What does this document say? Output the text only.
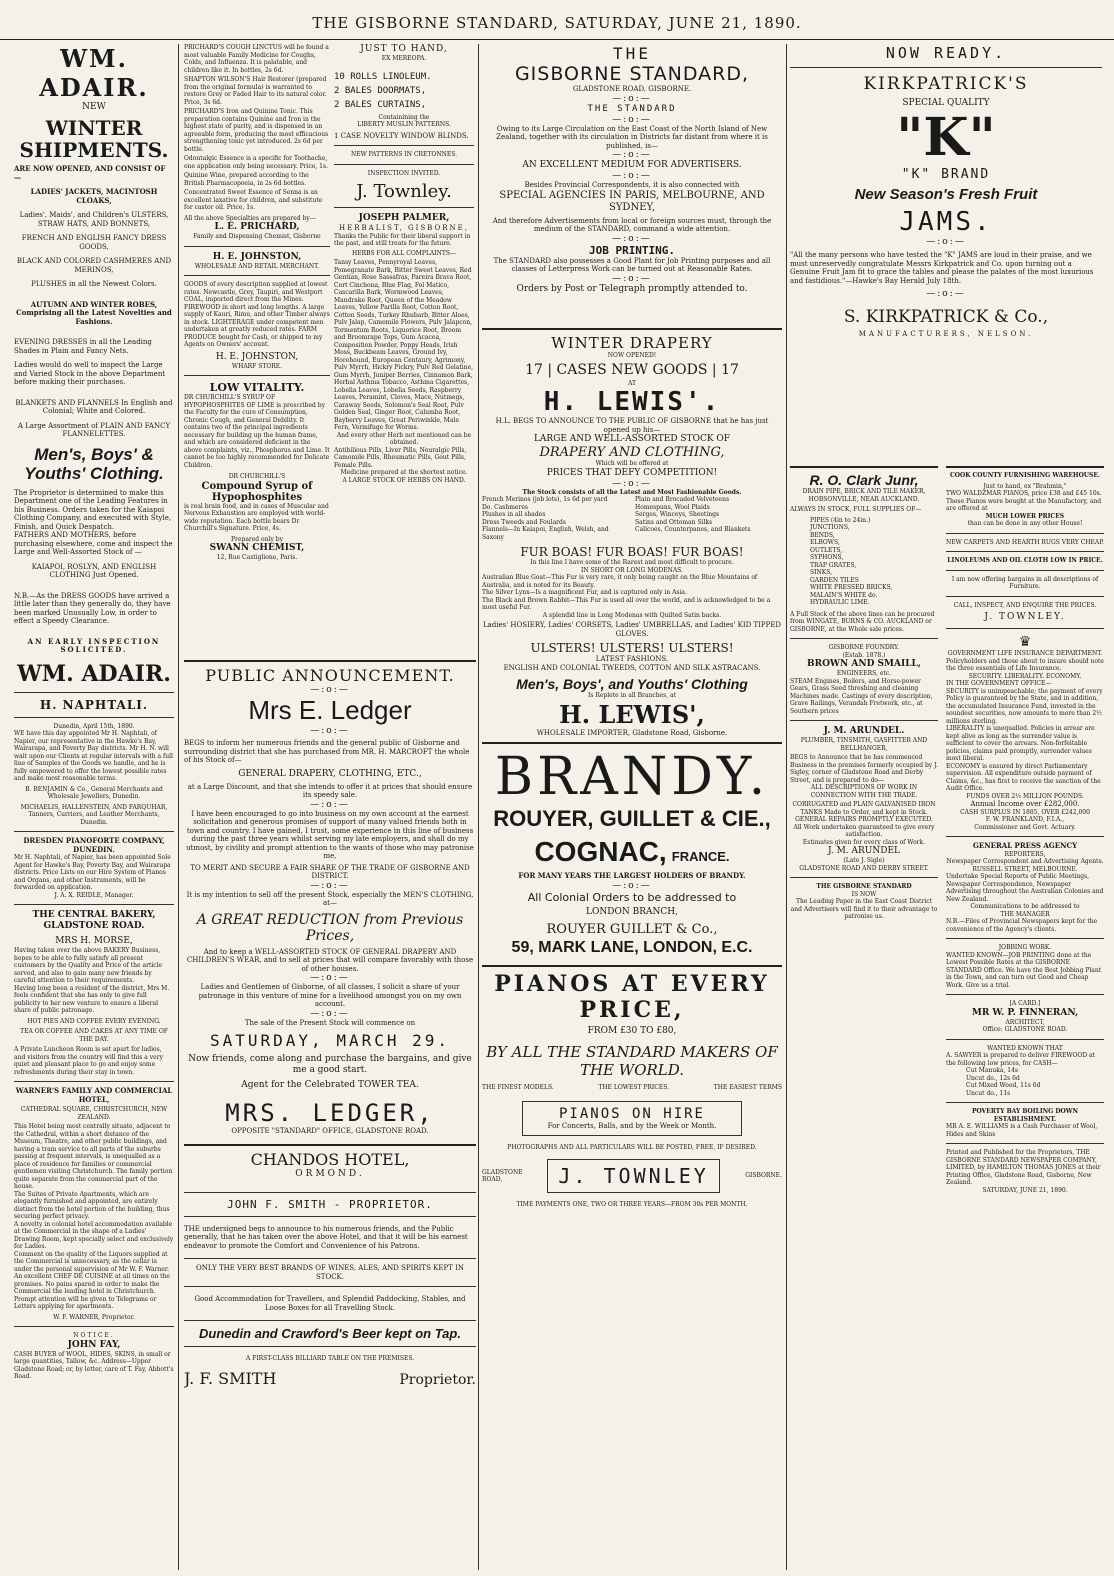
THE GISBORNE STANDARD, SATURDAY, JUNE 21, 1890.
WM. ADAIR.
NEW
WINTER SHIPMENTS.
ARE NOW OPENED, AND CONSIST OF —
LADIES' JACKETS, MACINTOSH CLOAKS,
Ladies', Maids', and Children's ULSTERS, STRAW HATS, AND BONNETS,
FRENCH AND ENGLISH FANCY DRESS GOODS,
BLACK AND COLORED CASHMERES AND MERINOS,
PLUSHES in all the Newest Colors.
AUTUMN AND WINTER ROBES, Comprising all the Latest Novelties and Fashions.
EVENING DRESSES in all the Leading Shades in Plain and Fancy Nets.
Ladies would do well to inspect the Large and Varied Stock in the above Department before making their purchases.
BLANKETS AND FLANNELS In English and Colonial; White and Colored.
A Large Assortment of PLAIN AND FANCY FLANNELETTES.
Men's, Boys' & Youths' Clothing.
The Proprietor is determined to make this Department one of the Leading Features in his Business. Orders taken for the Kaiapoi Clothing Company, and executed with Style, Finish, and Quick Despatch.
FATHERS AND MOTHERS, before purchasing elsewhere, come and inspect the Large and Well-Assorted Stock of —
KAIAPOI, ROSLYN, AND ENGLISH CLOTHING Just Opened.
N.B.—As the DRESS GOODS have arrived a little later than they generally do, they have been marked Unusually Low, in order to effect a Speedy Clearance.
AN EARLY INSPECTION SOLICITED.
WM. ADAIR.
H. NAPHTALI.
Dunedin, April 15th, 1890.
WE have this day appointed Mr H. Naphtali, of Napier, our representative in the Hawke's Bay, Wairarapa, and Poverty Bay districts. Mr H. N. will wait upon our Clients at regular intervals with a full line of Samples of the Goods we handle, and he is fully empowered to offer the lowest possible rates and make most reasonable terms.
B. BENJAMIN & Co., General Merchants and Wholesale Jewellers, Dunedin.
MICHAELIS, HALLENSTEIN, AND FARQUHAR, Tanners, Curriers, and Leather Merchants, Dunedin.
DRESDEN PIANOFORTE COMPANY, DUNEDIN.
Mr H. Naphtali, of Napier, has been appointed Sole Agent for Hawke's Bay, Poverty Bay, and Wairarapa districts. Price Lists on our Hire System of Pianos and Organs, and other Instruments, will be forwarded on application.
J. A. X. REIDLE, Manager.
THE CENTRAL BAKERY, GLADSTONE ROAD.
MRS H. MORSE,
Having taken over the above BAKERY Business, hopes to be able to fully satisfy all present customers by the Quality and Price of the article served, and also to gain many new friends by careful attention to their requirements.
Having long been a resident of the district, Mrs M. feels confident that she has only to give full publicity to her new venture to ensure a liberal share of public patronage.
HOT PIES AND COFFEE EVERY EVENING.
TEA OR COFFEE AND CAKES AT ANY TIME OF THE DAY.
A Private Luncheon Room is set apart for ladies, and visitors from the country will find this a very quiet and pleasant place to go and enjoy some refreshments during their stay in town.
WARNER'S FAMILY AND COMMERCIAL HOTEL,
CATHEDRAL SQUARE, CHRISTCHURCH, NEW ZEALAND.
This Hotel being most centrally situate, adjacent to the Cathedral, within a short distance of the Museum, Theatre, and other public buildings, and having a tram service to all parts of the suburbs passing at frequent intervals, is unequalled as a place of residence for families or commercial gentlemen visiting Christchurch. The family portion quite separate from the commercial part of the house.
The Suites of Private Apartments, which are elegantly furnished and appointed, are entirely distinct from the hotel portion of the building, thus securing perfect privacy.
A novelty in colonial hotel accommodation available at the Commercial in the shape of a Ladies' Drawing Room, kept specially select and exclusively for Ladies.
Comment on the quality of the Liquors supplied at the Commercial is unnecessary, as the cellar is under the personal supervision of Mr W. F. Warner.
An excellent CHEF DE CUISINE at all times on the premises. No pains spared in order to make the Commercial the leading hotel in Christchurch.
Prompt attention will be given to Telegrams or Letters applying for apartments.
W. F. WARNER, Proprietor.
NOTICE.
JOHN FAY,
CASH BUYER of WOOL, HIDES, SKINS, in small or large quantities, Tallow, &c. Address—Upper Gladstone Road; or, by letter, care of T. Fay, Abbott's Road.
PRICHARD'S COUGH LINCTUS will be found a most valuable Family Medicine for Coughs, Colds, and Influenza. It is palatable, and children like it. In bottles, 2s 6d.
SHAPTON WILSON'S Hair Restorer (prepared from the original formula) is warranted to restore Grey or Faded Hair to its natural color. Price, 3s 6d.
PRICHARD'S Iron and Quinine Tonic. This preparation contains Quinine and Iron in the highest state of purity, and is dispensed in an agreeable form, producing the most efficacious strengthening tonic yet introduced. 2s 6d per bottle.
Odontalgic Essence is a specific for Toothache, one application only being necessary. Price, 1s.
Quinine Wine, prepared according to the British Pharmacopoeia, in 2s 6d bottles.
Concentrated Sweet Essence of Senna is an excellent laxative for children, and substitute for castor oil. Price, 1s.
All the above Specialties are prepared by—
L. E. PRICHARD,
Family and Dispensing Chemist, Gisborne
H. E. JOHNSTON,
WHOLESALE AND RETAIL MERCHANT.
GOODS of every description supplied at lowest rates. Newcastle, Grey, Taupiri, and Westport COAL, imported direct from the Mines. FIREWOOD in short and long lengths. A large supply of Kauri, Rimu, and other Timber always in stock. LIGHTERAGE under competent men undertaken at greatly reduced rates. FARM PRODUCE bought for Cash, or shipped to my Agents on Owners' account.
H. E. JOHNSTON,
WHARF STORE.
LOW VITALITY.
DR CHURCHILL'S SYRUP OF HYPOPHOSPHITES OF LIME is prescribed by the Faculty for the cure of Consumption, Chronic Cough, and General Debility. It contains two of the principal ingredients necessary for building up the human frame, and which are considered deficient in the above complaints, viz., Phosphorus and Lime. It cannot be too highly recommended for Delicate Children.
DR CHURCHILL'S
Compound Syrup of Hypophosphites
is real brain food, and in cases of Muscular and Nervous Exhaustion are employed with world-wide reputation. Each bottle bears Dr Churchill's Signature. Price, 4s.
Prepared only by
SWANN CHEMIST,
12, Rue Castiglione, Paris.
JUST TO HAND,
EX MEREOPA.
10 ROLLS LINOLEUM.
2 BALES DOORMATS,
2 BALES CURTAINS,
Containining the
LIBERTY MUSLIN PATTERNS.
1 CASE NOVELTY WINDOW BLINDS.
NEW PATTERNS IN CRETONNES.
INSPECTION INVITED.
J. Townley.
JOSEPH PALMER,
HERBALIST, GISBORNE,
Thanks the Public for their liberal support in the past, and still treats for the future.
HERBS FOR ALL COMPLAINTS—
Tansy Leaves, Pennyroyal Leaves, Pomegranate Bark, Bitter Sweet Leaves, Red Gentian, Rose Sassafras, Pareira Brava Root, Cort Cinchona, Blue Flag, Fol Matico, Cascarilla Bark, Wormwood Leaves, Mandrake Root, Queen of the Meadow Leaves, Yellow Parilla Root, Cotton Root, Cotton Seeds, Turkey Rhubarb, Bitter Aloes, Pulv Jalap, Camomile Flowers, Pulv Jalapcon, Tormentum Roots, Liquorice Root, Broom and Broomrape Tops, Gum Acacea, Composition Powder, Poppy Heads, Irish Moss, Buckbeam Leaves, Ground Ivy, Horehound, European Centaury, Agrimony, Pulv Myrrh, Hickry Pickry, Pulv Red Gelatine, Gum Myrrh, Juniper Berries, Cinnamon Bark, Herbal Asthma Tobacco, Asthma Cigarettes, Lobelia Leaves, Lobelia Seeds, Raspberry Leaves, Peramint, Cloves, Mace, Nutmegs, Caraway Seeds, Solomon's Seal Root, Pulv Golden Seal, Ginger Root, Calumba Root, Bayberry Leaves, Great Periwinkle, Male Fern, Vermifuge for Worms.
And every other Herb not mentioned can be obtained.
Antibilious Pills, Liver Pills, Neuralgic Pills, Camomile Pills, Rheumatic Pills, Gout Pills, Female Pills.
Medicine prepared at the shortest notice.
A LARGE STOCK OF HERBS ON HAND.
PUBLIC ANNOUNCEMENT.
—:o:—
Mrs E. Ledger
—:o:—
BEGS to inform her numerous friends and the general public of Gisborne and surrounding district that she has purchased from MR. H. MARCROFT the whole of his Stock of—
GENERAL DRAPERY, CLOTHING, ETC.,
at a Large Discount, and that she intends to offer it at prices that should ensure its speedy sale.
—:o:—
I have been encouraged to go into business on my own account at the earnest solicitation and generous promises of support of many valued friends both in town and country. I have gained, I trust, some experience in this line of business during the past three years whilst serving my late employers, and shall do my utmost, by civility and prompt attention to the wants of those who may patronise me,
TO MERIT AND SECURE A FAIR SHARE OF THE TRADE OF GISBORNE AND DISTRICT.
—:o:—
It is my intention to sell off the present Stock, especially the MEN'S CLOTHING, at—
A GREAT REDUCTION from Previous Prices,
And to keep a WELL-ASSORTED STOCK OF GENERAL DRAPERY AND CHILDREN'S WEAR, and to sell at prices that will compare favorably with those of other houses.
—:o:—
Ladies and Gentlemen of Gisborne, of all classes, I solicit a share of your patronage in this venture of mine for a livelihood amongst you on my own account.
—:o:—
The sale of the Present Stock will commence on
SATURDAY, MARCH 29.
Now friends, come along and purchase the bargains, and give me a good start.
Agent for the Celebrated TOWER TEA.
MRS. LEDGER,
OPPOSITE "STANDARD" OFFICE, GLADSTONE ROAD.
CHANDOS HOTEL,
ORMOND.
JOHN F. SMITH - PROPRIETOR.
THE undersigned begs to announce to his numerous friends, and the Public generally, that he has taken over the above Hotel, and that it will be his earnest endeavor to promote the Comfort and Convenience of his Patrons.
ONLY THE VERY BEST BRANDS OF WINES, ALES, AND SPIRITS KEPT IN STOCK.
Good Accommodation for Travellers, and Splendid Paddocking, Stables, and Loose Boxes for all Travelling Stock.
Dunedin and Crawford's Beer kept on Tap.
A FIRST-CLASS BILLIARD TABLE ON THE PREMISES.
J. F. SMITH	Proprietor.
THE
GISBORNE STANDARD,
GLADSTONE ROAD, GISBORNE.
—:o:—
THE STANDARD
—:o:—
Owing to its Large Circulation on the East Coast of the North Island of New Zealand, together with its circulation in Districts far distant from where it is published, is—
—:o:—
AN EXCELLENT MEDIUM FOR ADVERTISERS.
—:o:—
Besides Provincial Correspondents, it is also connected with
SPECIAL AGENCIES IN PARIS, MELBOURNE, AND SYDNEY,
And therefore Advertisements from local or foreign sources must, through the medium of the STANDARD, command a wide attention.
—:o:—
JOB PRINTING.
The STANDARD also possesses a Good Plant for Job Printing purposes and all classes of Letterpress Work can be turned out at Reasonable Rates.
—:o:—
Orders by Post or Telegraph promptly attended to.
WINTER DRAPERY
NOW OPENED!
17 | CASES NEW GOODS | 17
AT
H. LEWIS'.
H.L. BEGS TO ANNOUNCE TO THE PUBLIC OF GISBORNE that he has just opened up his—
LARGE AND WELL-ASSORTED STOCK OF
DRAPERY AND CLOTHING,
Which will be offered at
PRICES THAT DEFY COMPETITION!
—:o:—
The Stock consists of all the Latest and Most Fashionable Goods.
French Merinos (job lots), 1s 6d per yard
Do. Cashmeres
Plushes in all shades
Dress Tweeds and Foulards
Flannels—In Kaiapoi, English, Welsh, and Saxony
Plain and Brocaded Velveteens
Homespuns, Wool Plaids
Serges, Winceys, Sheetings
Satins and Ottoman Silks
Calicoes, Counterpanes, and Blankets
FUR BOAS! FUR BOAS! FUR BOAS!
In this line I have some of the Rarest and most difficult to procure.
IN SHORT OR LONG MODENAS.
Australian Blue Goat—This Fur is very rare, it only being caught on the Blue Mountains of Australia, and is noted for its Beauty.
The Silver Lynx—Is a magnificent Fur, and is captured only in Asia.
The Black and Brown Rabbit—This Fur is used all over the world, and is acknowledged to be a most useful Fur.
A splendid line in Long Modenas with Quilted Satin backs.
Ladies' HOSIERY, Ladies' CORSETS, Ladies' UMBRELLAS, and Ladies' KID TIPPED GLOVES.
ULSTERS! ULSTERS! ULSTERS!
LATEST FASHIONS.
ENGLISH AND COLONIAL TWEEDS, COTTON AND SILK ASTRACANS.
Men's, Boys', and Youths' Clothing
Is Replete in all Branches, at
H. LEWIS',
WHOLESALE IMPORTER, Gladstone Road, Gisborne.
BRANDY.
ROUYER, GUILLET & CIE.,
COGNAC, FRANCE.
FOR MANY YEARS THE LARGEST HOLDERS OF BRANDY.
—:o:—
All Colonial Orders to be addressed to
LONDON BRANCH,
ROUYER GUILLET & Co.,
59, MARK LANE, LONDON, E.C.
PIANOS AT EVERY PRICE,
FROM £30 TO £80,
BY ALL THE STANDARD MAKERS OF THE WORLD.
THE FINEST MODELS.	THE LOWEST PRICES.	THE EASIEST TERMS
PIANOS ON HIRE
For Concerts, Balls, and by the Week or Month.
PHOTOGRAPHS AND ALL PARTICULARS WILL BE POSTED, FREE, IF DESIRED.
GLADSTONE ROAD,	J. TOWNLEY	GISBORNE.
TIME PAYMENTS ONE, TWO OR THREE YEARS—FROM 30s PER MONTH.
NOW READY.
KIRKPATRICK'S
SPECIAL QUALITY
"K"
"K" BRAND
New Season's Fresh Fruit
JAMS.
—:o:—
"All the many persons who have tested the "K" JAMS are loud in their praise, and we must unreservedly congratulate Messrs Kirkpatrick and Co. upon turning out a Genuine Fruit Jam fit to grace the tables and please the palates of the most luxurious and fastidious."—Hawke's Bay Herald July 18th.
—:o:—
S. KIRKPATRICK & Co.,
MANUFACTURERS, NELSON.
R. O. Clark Junr,
DRAIN PIPE, BRICK AND TILE MAKER,
HOBSONVILLE, NEAR AUCKLAND.
ALWAYS IN STOCK, FULL SUPPLIES OF—
PIPES (4in to 24in.)
JUNCTIONS,
BENDS,
ELBOWS,
OUTLETS,
SYPHONS,
TRAP GRATES,
SINKS,
GARDEN TILES
WHITE PRESSED BRICKS,
MALAIN'S WHITE do.
HYDRAULIC LIME.
A Full Stock of the above lines can be procured from WINGATE, BURNS & CO. AUCKLAND or GISBORNE, at the Whole sale prices.
GISBORNE FOUNDRY.
(Estab. 1878.)
BROWN AND SMAILL,
ENGINEERS, etc.
STEAM Engines, Boilers, and Horse-power Gears, Grass Seed threshing and cleaning Machines made. Castings of every description, Grave Railings, Verandah Fretwork, etc., at Southern prices
J. M. ARUNDEL.
PLUMBER, TINSMITH, GASFITTER AND BELLHANGER,
BEGS to Announce that he has commenced Business in the premises formerly occupied by J. Sigley, corner of Gladstone Road and Derby Street, and is prepared to do—
ALL DESCRIPTIONS OF WORK IN CONNECTION WITH THE TRADE.
CORRUGATED and PLAIN GALVANISED IRON TANKS Made to Order, and kept in Stock.
GENERAL REPAIRS PROMPTLY EXECUTED.
All Work undertaken guaranteed to give every satisfaction.
Estimates given for every class of Work.
J. M. ARUNDEL
(Late J. Sigle)
GLADSTONE ROAD AND DERBY STREET.
THE GISBORNE STANDARD
IS NOW
The Leading Paper in the East Coast District and Advertisers will find it to their advantage to patronise us.
COOK COUNTY FURNISHING WAREHOUSE.
Just to hand, ex "Brahmin,"
TWO WALDZMAR PIANOS, price £38 and £45 10s. These Pianos were bought at the Manufactory, and are offered at
MUCH LOWER PRICES
than can be done in any other House!
NEW CARPETS AND HEARTH RUGS VERY CHEAP.
LINOLEUMS AND OIL CLOTH LOW IN PRICE.
I am now offering bargains in all descriptions of Furniture.
CALL, INSPECT, AND ENQUIRE THE PRICES.
J. TOWNLEY.
♛
GOVERNMENT LIFE INSURANCE DEPARTMENT.
Policyholders and those about to insure should note the three essentials of Life Insurance.
SECURITY. LIBERALITY. ECONOMY.
IN THE GOVERNMENT OFFICE—
SECURITY is unimpeachable; the payment of every Policy is guaranteed by the State, and in addition, the accumulated Insurance Fund, invested in the soundest securities, now amounts to more than 2½ millions sterling.
LIBERALITY is unequalled. Policies in arrear are kept alive as long as the surrender value is sufficient to cover the arrears. Non-forfeitable policies, claims paid promptly, surrender values most liberal.
ECONOMY is ensured by direct Parliamentary supervision. All expenditure outside payment of Claims, &c., has first to receive the sanction of the Audit Office.
FUNDS OVER 2½ MILLION POUNDS.
Annual Income over £282,000.
CASH SURPLUS IN 1885, OVER £242,000
F. W. FRANKLAND, F.I.A.,
Commissioner and Govt. Actuary.
GENERAL PRESS AGENCY
REPORTERS,
Newspaper Correspondent and Advertising Agents.
RUSSELL STREET, MELBOURNE.
Undertake Special Reports of Public Meetings, Newspaper Correspondence, Newspaper Advertising throughout the Australian Colonies and New Zealand.
Communications to be addressed to
THE MANAGER
N.B.—Files of Provincial Newspapers kept for the convenience of the Agency's clients.
JOBBING WORK.
WANTED KNOWN—JOB PRINTING done at the Lowest Possible Rates at the GISBORNE STANDARD Office. We have the Best Jobbing Plant in the Town, and can turn out Good and Cheap Work. Give us a trial.
[A CARD.]
MR W. P. FINNERAN,
ARCHITECT,
Office: GLADSTONE ROAD.
WANTED KNOWN THAT
A. SAWYER is prepared to deliver FIREWOOD at the following low prices, for CASH—
Cut Manuka, 14s
Uncut do., 12s 6d
Cut Mixed Wood, 11s 6d
Uncut do., 11s
POVERTY BAY BOILING DOWN ESTABLISHMENT.
MR A. E. WILLIAMS is a Cash Purchaser of Wool, Hides and Skins
Printed and Published for the Proprietors, THE GISBORNE STANDARD NEWSPAPER COMPANY, LIMITED, by HAMILTON THOMAS JONES at their Printing Office, Gladstone Road, Gisborne, New Zealand.
SATURDAY, JUNE 21, 1890.
